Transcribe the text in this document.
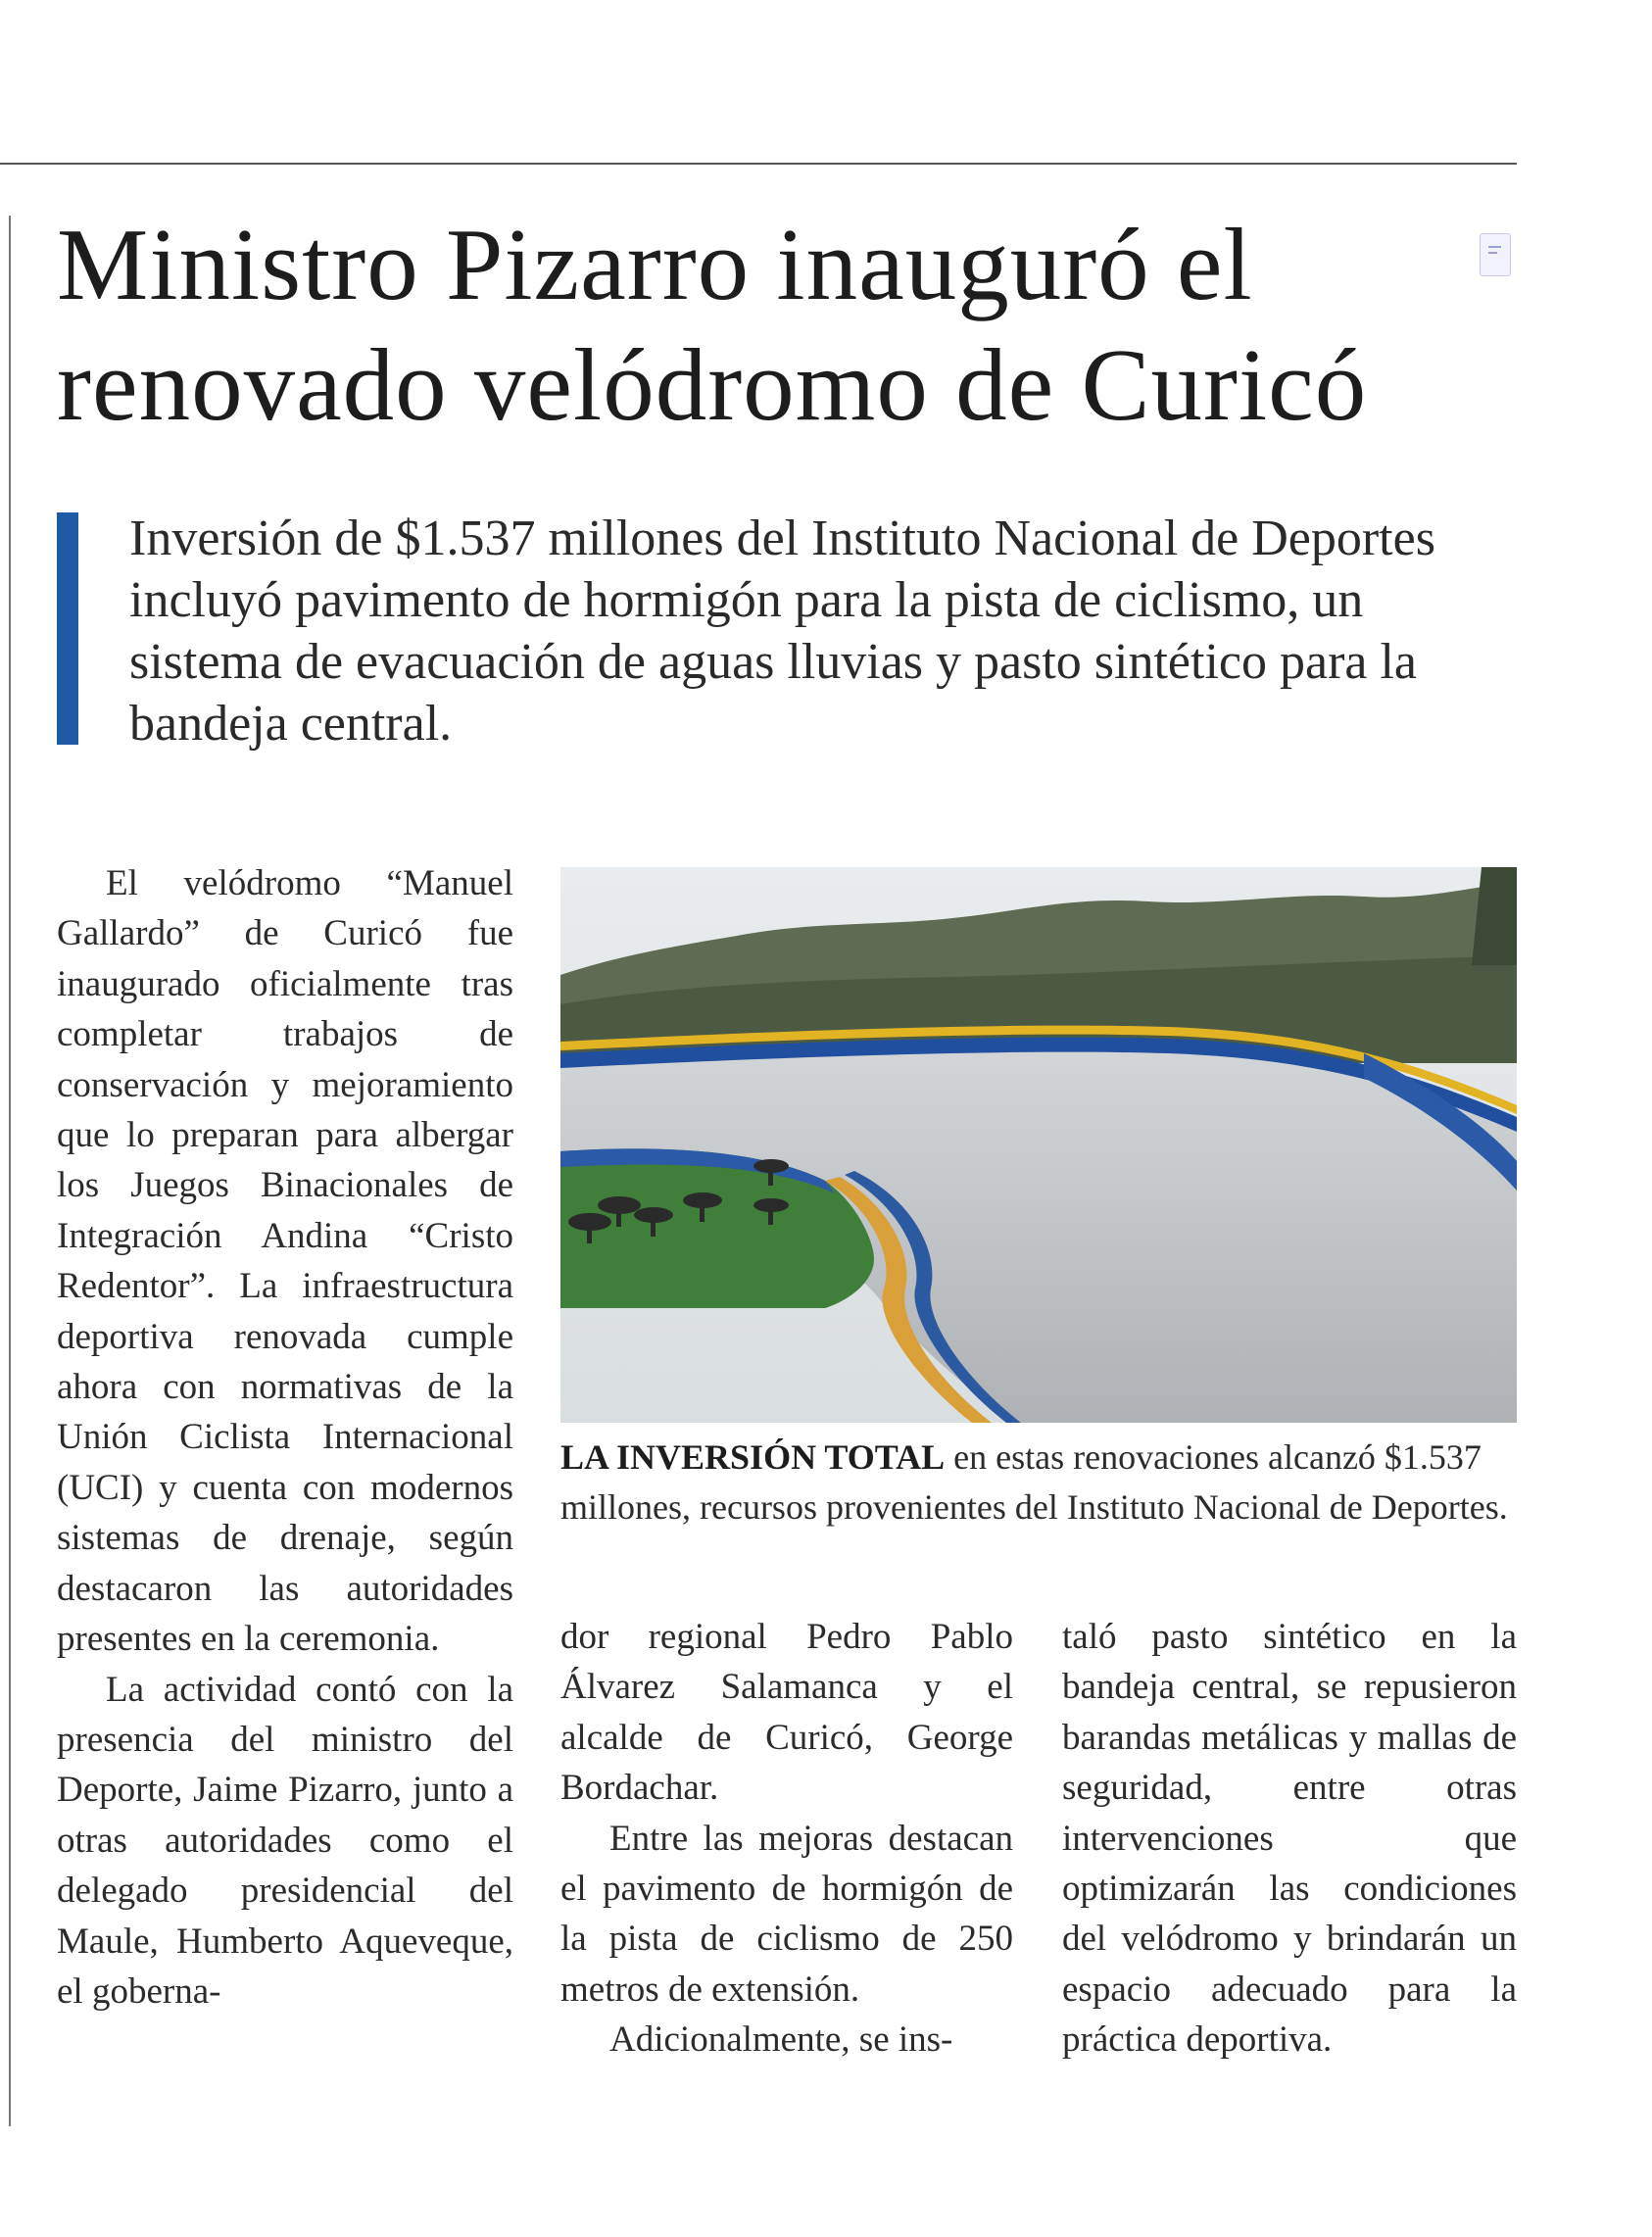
Ministro Pizarro inauguró el renovado velódromo de Curicó

Inversión de $1.537 millones del Instituto Nacional de Deportes incluyó pavimento de hormigón para la pista de ciclismo, un sistema de evacuación de aguas lluvias y pasto sintético para la bandeja central.

El velódromo “Manuel Gallardo” de Curicó fue inaugurado oficialmente tras completar trabajos de conservación y mejoramiento que lo preparan para albergar los Juegos Binacionales de Integración Andina “Cristo Redentor”. La infraestructura deportiva renovada cumple ahora con normativas de la Unión Ciclista Internacional (UCI) y cuenta con modernos sistemas de drenaje, según destacaron las autoridades presentes en la ceremonia.

La actividad contó con la presencia del ministro del Deporte, Jaime Pizarro, junto a otras autoridades como el delegado presidencial del Maule, Humberto Aqueveque, el goberna-

LA INVERSIÓN TOTAL en estas renovaciones alcanzó $1.537 millones, recursos provenientes del Instituto Nacional de Deportes.

dor regional Pedro Pablo Álvarez Salamanca y el alcalde de Curicó, George Bordachar.

Entre las mejoras destacan el pavimento de hormigón de la pista de ciclismo de 250 metros de extensión.

Adicionalmente, se ins-

taló pasto sintético en la bandeja central, se repusieron barandas metálicas y mallas de seguridad, entre otras intervenciones que optimizarán las condiciones del velódromo y brindarán un espacio adecuado para la práctica deportiva.
